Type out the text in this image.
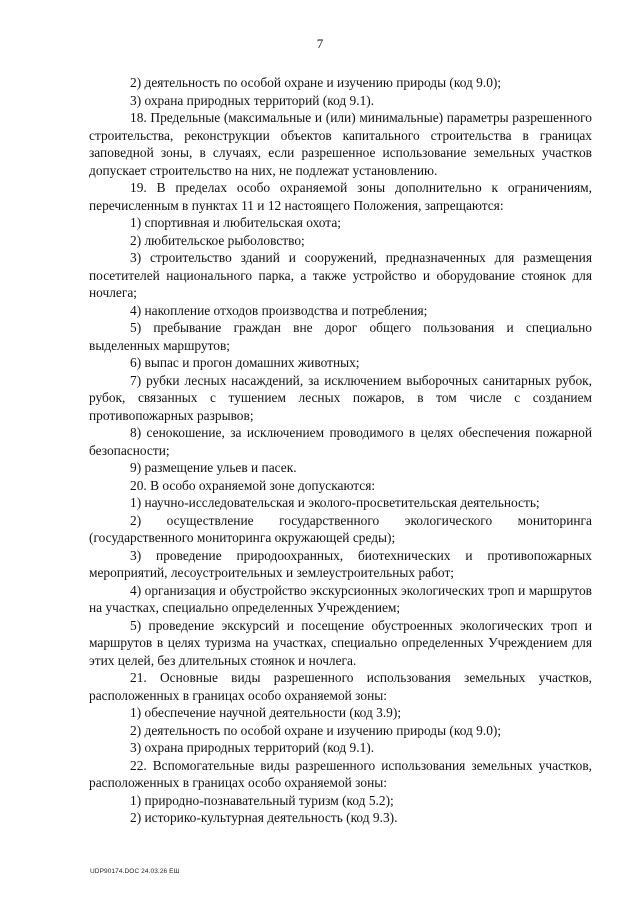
7

2) деятельность по особой охране и изучению природы (код 9.0);

3) охрана природных территорий (код 9.1).

18. Предельные (максимальные и (или) минимальные) параметры разрешенного строительства, реконструкции объектов капитального строительства в границах заповедной зоны, в случаях, если разрешенное использование земельных участков допускает строительство на них, не подлежат установлению.

19. В пределах особо охраняемой зоны дополнительно к ограничениям, перечисленным в пунктах 11 и 12 настоящего Положения, запрещаются:

1) спортивная и любительская охота;

2) любительское рыболовство;

3) строительство зданий и сооружений, предназначенных для размещения посетителей национального парка, а также устройство и оборудование стоянок для ночлега;

4) накопление отходов производства и потребления;

5) пребывание граждан вне дорог общего пользования и специально выделенных маршрутов;

6) выпас и прогон домашних животных;

7) рубки лесных насаждений, за исключением выборочных санитарных рубок, рубок, связанных с тушением лесных пожаров, в том числе с созданием противопожарных разрывов;

8) сенокошение, за исключением проводимого в целях обеспечения пожарной безопасности;

9) размещение ульев и пасек.

20. В особо охраняемой зоне допускаются:

1) научно-исследовательская и эколого-просветительская деятельность;

2) осуществление государственного экологического мониторинга (государственного мониторинга окружающей среды);

3) проведение природоохранных, биотехнических и противопожарных мероприятий, лесоустроительных и землеустроительных работ;

4) организация и обустройство экскурсионных экологических троп и маршрутов на участках, специально определенных Учреждением;

5) проведение экскурсий и посещение обустроенных экологических троп и маршрутов в целях туризма на участках, специально определенных Учреждением для этих целей, без длительных стоянок и ночлега.

21. Основные виды разрешенного использования земельных участков, расположенных в границах особо охраняемой зоны:

1) обеспечение научной деятельности (код 3.9);

2) деятельность по особой охране и изучению природы (код 9.0);

3) охрана природных территорий (код 9.1).

22. Вспомогательные виды разрешенного использования земельных участков, расположенных в границах особо охраняемой зоны:

1) природно-познавательный туризм (код 5.2);

2) историко-культурная деятельность (код 9.3).

UDP90174.DOC 24.03.26 ЕШ
